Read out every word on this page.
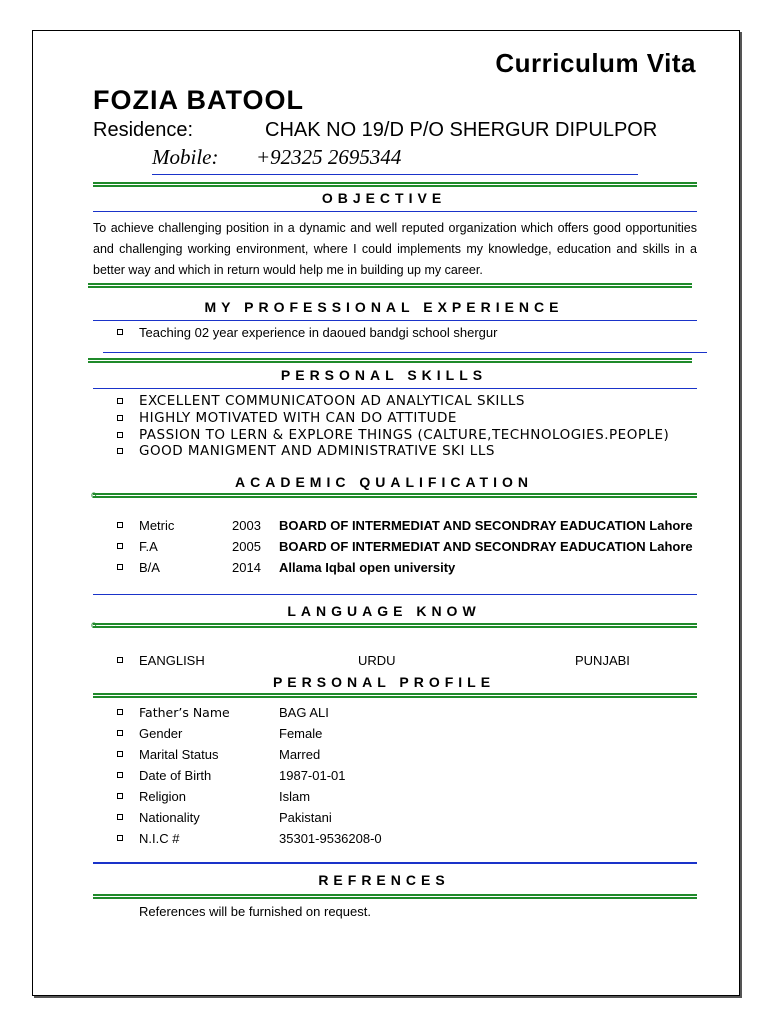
Curriculum Vita
FOZIA BATOOL
Residence:	CHAK NO 19/D P/O SHERGUR DIPULPOR
Mobile: +92325 2695344
OBJECTIVE
To achieve challenging position in a dynamic and well reputed organization which offers good opportunities and challenging working environment, where I could implements my knowledge, education and skills in a better way and which in return would help me in building up my career.
MY PROFESSIONAL EXPERIENCE
Teaching 02 year experience in daoued bandgi school shergur
PERSONAL SKILLS
EXCELLENT COMMUNICATOON AD ANALYTICAL SKILLS
HIGHLY MOTIVATED WITH CAN DO ATTITUDE
PASSION TO LERN & EXPLORE THINGS (CALTURE,TECHNOLOGIES.PEOPLE)
GOOD MANIGMENT AND ADMINISTRATIVE SKI LLS
ACADEMIC QUALIFICATION
o
Metric	2003 BOARD OF INTERMEDIAT AND SECONDRAY EADUCATION Lahore
F.A	2005 BOARD OF INTERMEDIAT AND SECONDRAY EADUCATION Lahore
B/A	2014 Allama Iqbal open university
LANGUAGE KNOW
o
EANGLISH	URDU	PUNJABI
PERSONAL PROFILE
Father’s Name	BAG ALI
Gender	Female
Marital Status	Marred
Date of Birth	1987-01-01
Religion	Islam
Nationality	Pakistani
N.I.C #	35301-9536208-0
REFRENCES
References will be furnished on request.
